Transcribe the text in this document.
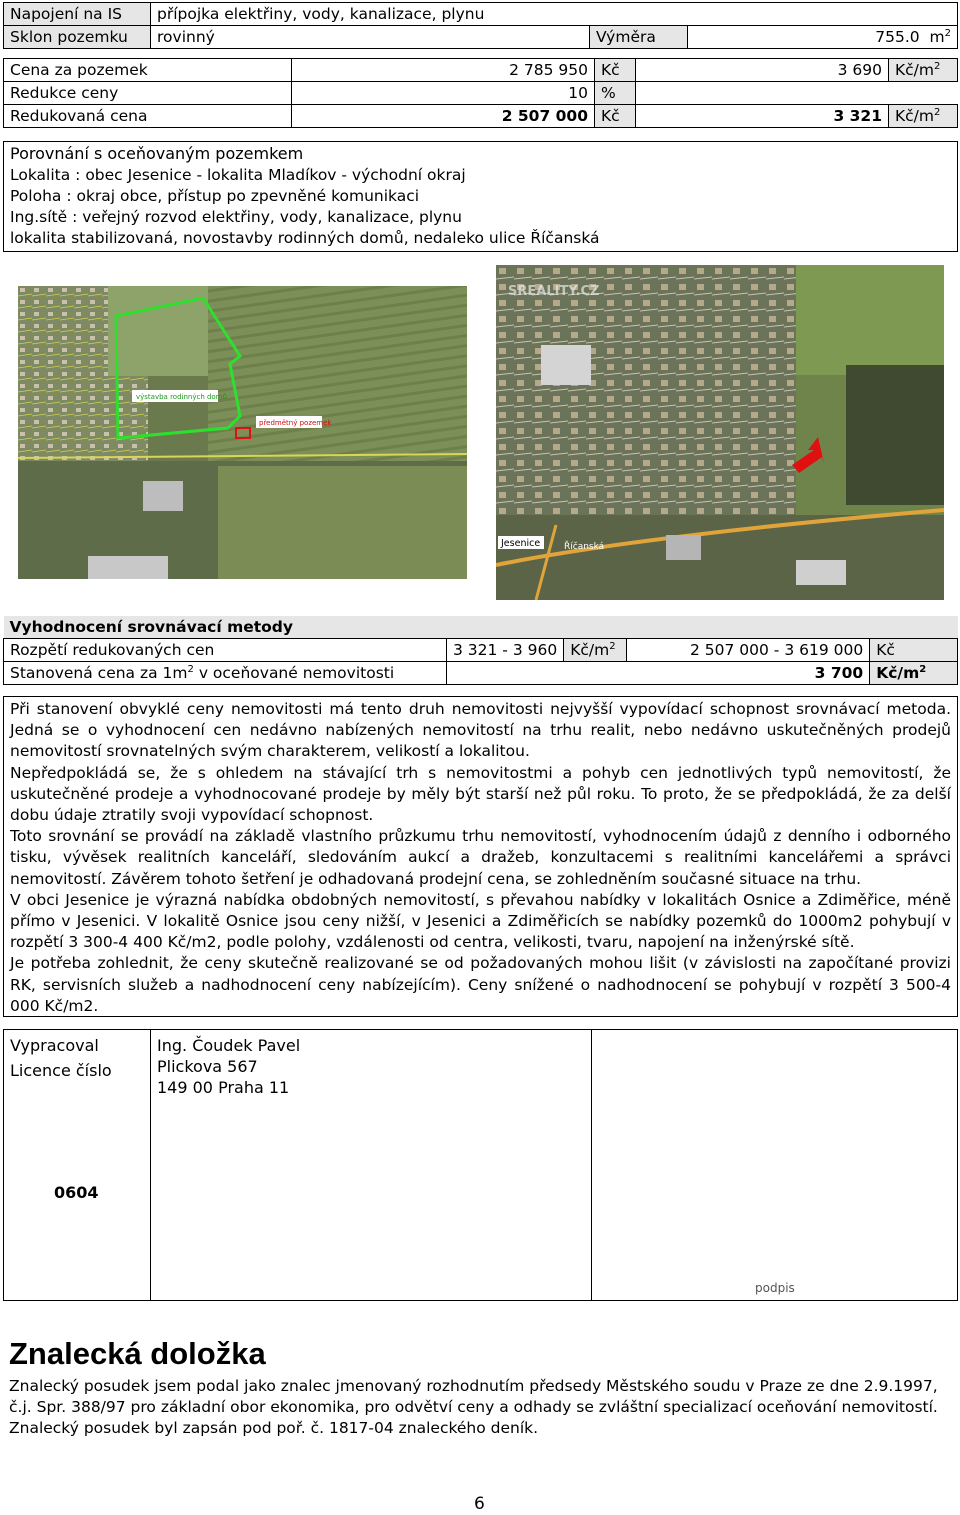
Napojení na IS	přípojka elektřiny, vody, kanalizace, plynu		
Sklon pozemku	rovinný	Výměra	755.0 $m^2$
Cena za pozemek	2 785 950	Kč	3 690	$Kč/m^2$
Redukce ceny	10	%		
Redukovaná cena	2 507 000	Kč	3 321	$Kč/m^2$
Porovnání s oceňovaným pozemkem
Lokalita : obec Jesenice - lokalita Mladíkov - východní okraj
Poloha : okraj obce, přístup po zpevněné komunikaci
Ing.sítě : veřejný rozvod elektřiny, vody, kanalizace, plynu
lokalita stabilizovaná, novostavby rodinných domů, nedaleko ulice Říčanská
výstavba rodinných domů
předmětný pozemek
SREALITY.CZ
Jesenice	Říčanská
Vyhodnocení srovnávací metody				
Rozpětí redukovaných cen	3 321 - 3 960	$Kč/m^2$	2 507 000 - 3 619 000	Kč
Stanovená cena za $1m^2$ v oceňované nemovitosti	3 700			$Kč/m^2$

Při stanovení obvyklé ceny nemovitosti má tento druh nemovitosti nejvyšší vypovídací schopnost srovnávací metoda. Jedná se o vyhodnocení cen nedávno nabízených nemovitostí na trhu realit, nebo nedávno uskutečněných prodejů nemovitostí srovnatelných svým charakterem, velikostí a lokalitou.

Nepředpokládá se, že s ohledem na stávající trh s nemovitostmi a pohyb cen jednotlivých typů nemovitostí, že uskutečněné prodeje a vyhodnocované prodeje by měly být starší než půl roku. To proto, že se předpokládá, že za delší dobu údaje ztratily svoji vypovídací schopnost.

Toto srovnání se provádí na základě vlastního průzkumu trhu nemovitostí, vyhodnocením údajů z denního i odborného tisku, vývěsek realitních kanceláří, sledováním aukcí a dražeb, konzultacemi s realitními kancelářemi a správci nemovitostí. Závěrem tohoto šetření je odhadovaná prodejní cena, se zohledněním současné situace na trhu.

V obci Jesenice je výrazná nabídka obdobných nemovitostí, s převahou nabídky v lokalitách Osnice a Zdiměřice, méně přímo v Jesenici. V lokalitě Osnice jsou ceny nižší, v Jesenici a Zdiměřicích se nabídky pozemků do 1000m2 pohybují v rozpětí 3 300-4 400 Kč/m2, podle polohy, vzdálenosti od centra, velikosti, tvaru, napojení na inženýrské sítě.

Je potřeba zohlednit, že ceny skutečně realizované se od požadovaných mohou lišit (v závislosti na započítané provizi RK, servisních služeb a nadhodnocení ceny nabízejícím). Ceny snížené o nadhodnocení se pohybují v rozpětí 3 500-4 000 Kč/m2.

Vypracoval
Licence číslo
Ing. Čoudek Pavel
Plickova 567
149 00 Praha 11
0604
podpis
Znalecká doložka
Znalecký posudek jsem podal jako znalec jmenovaný rozhodnutím předsedy Městského soudu v Praze ze dne 2.9.1997, č.j. Spr. 388/97 pro základní obor ekonomika, pro odvětví ceny a odhady se zvláštní specializací oceňování nemovitostí.
Znalecký posudek byl zapsán pod poř. č. 1817-04 znaleckého deník.
6
